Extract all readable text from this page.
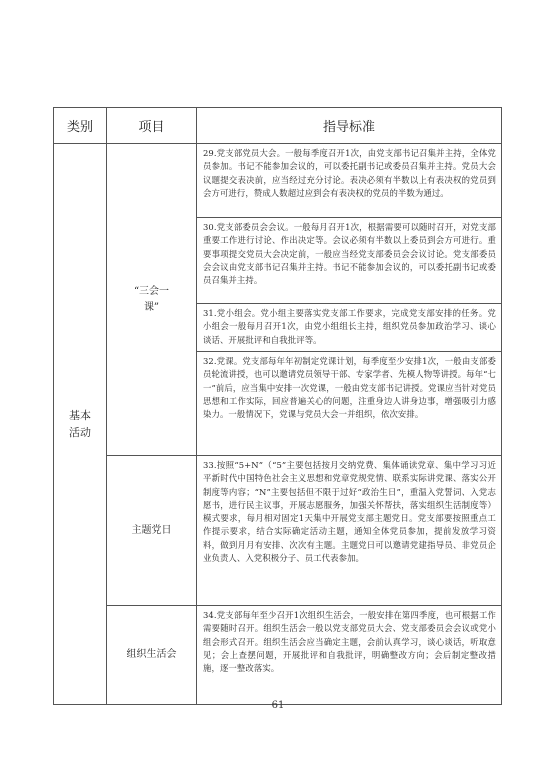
类别	项目	指导标准
基本活动	“三会一课”	29.党支部党员大会。一般每季度召开1次，由党支部书记召集并主持，全体党员参加。书记不能参加会议的，可以委托副书记或委员召集并主持。党员大会议题提交表决前，应当经过充分讨论。表决必须有半数以上有表决权的党员到会方可进行，赞成人数超过应到会有表决权的党员的半数为通过。

		30.党支部委员会会议。一般每月召开1次，根据需要可以随时召开，对党支部重要工作进行讨论、作出决定等。会议必须有半数以上委员到会方可进行。重要事项提交党员大会决定前，一般应当经党支部委员会会议讨论。党支部委员会会议由党支部书记召集并主持。书记不能参加会议的，可以委托副书记或委员召集并主持。

		31.党小组会。党小组主要落实党支部工作要求，完成党支部安排的任务。党小组会一般每月召开1次，由党小组组长主持，组织党员参加政治学习、谈心谈话、开展批评和自我批评等。

		32.党课。党支部每年年初制定党课计划，每季度至少安排1次，一般由支部委员轮流讲授，也可以邀请党员领导干部、专家学者、先模人物等讲授。每年“七一”前后，应当集中安排一次党课，一般由党支部书记讲授。党课应当针对党员思想和工作实际，回应普遍关心的问题，注重身边人讲身边事，增强吸引力感染力。一般情况下，党课与党员大会一并组织，依次安排。

	主题党日	33.按照“5+N”（“5”主要包括按月交纳党费、集体诵读党章、集中学习习近平新时代中国特色社会主义思想和党章党规党情、联系实际讲党课、落实公开制度等内容；“N”主要包括但不限于过好“政治生日”，重温入党誓词、入党志愿书，进行民主议事，开展志愿服务，加强关怀帮扶，落实组织生活制度等）模式要求，每月相对固定1天集中开展党支部主题党日。党支部要按照重点工作提示要求，结合实际确定活动主题，通知全体党员参加，提前发放学习资料，做到月月有安排、次次有主题。主题党日可以邀请党建指导员、非党员企业负责人、入党积极分子、员工代表参加。

	组织生活会	34.党支部每年至少召开1次组织生活会，一般安排在第四季度，也可根据工作需要随时召开。组织生活会一般以党支部党员大会、党支部委员会会议或党小组会形式召开。组织生活会应当确定主题，会前认真学习，谈心谈话，听取意见；会上查摆问题，开展批评和自我批评，明确整改方向；会后制定整改措施，逐一整改落实。
61
